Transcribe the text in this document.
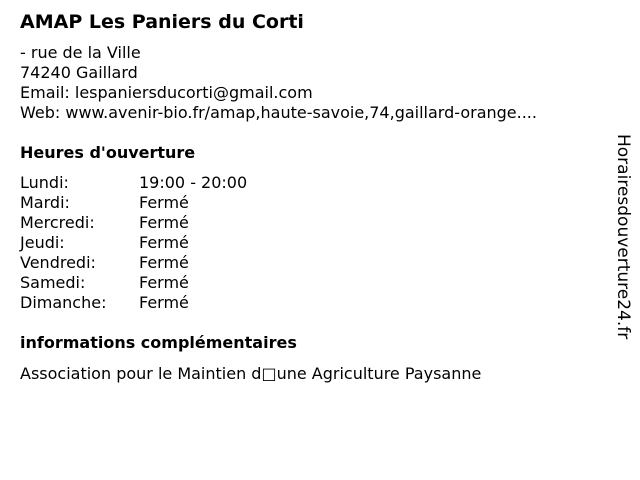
AMAP Les Paniers du Corti
- rue de la Ville
74240 Gaillard
Email: lespaniersducorti@gmail.com
Web: www.avenir-bio.fr/amap,haute-savoie,74,gaillard-orange....
Heures d'ouverture
Lundi:	19:00 - 20:00
Mardi:	Fermé
Mercredi:	Fermé
Jeudi:	Fermé
Vendredi:	Fermé
Samedi:	Fermé
Dimanche:	Fermé
informations complémentaires
Association pour le Maintien d□une Agriculture Paysanne
Horairesdouverture24.fr
